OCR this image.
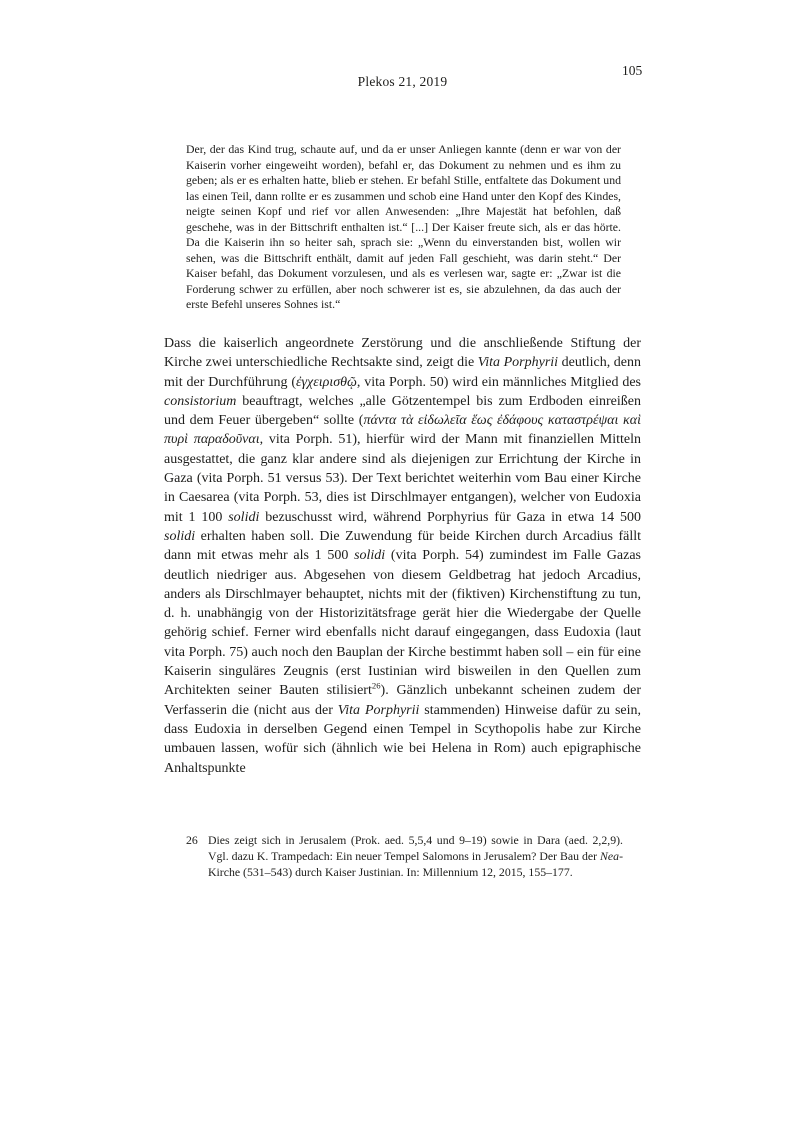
Plekos 21, 2019
105
Der, der das Kind trug, schaute auf, und da er unser Anliegen kannte (denn er war von der Kaiserin vorher eingeweiht worden), befahl er, das Dokument zu nehmen und es ihm zu geben; als er es erhalten hatte, blieb er stehen. Er befahl Stille, entfaltete das Dokument und las einen Teil, dann rollte er es zusammen und schob eine Hand unter den Kopf des Kindes, neigte seinen Kopf und rief vor allen Anwesenden: „Ihre Majestät hat befohlen, daß geschehe, was in der Bittschrift enthalten ist.“ [...] Der Kaiser freute sich, als er das hörte. Da die Kaiserin ihn so heiter sah, sprach sie: „Wenn du einverstanden bist, wollen wir sehen, was die Bittschrift enthält, damit auf jeden Fall geschieht, was darin steht.“ Der Kaiser befahl, das Dokument vorzulesen, und als es verlesen war, sagte er: „Zwar ist die Forderung schwer zu erfüllen, aber noch schwerer ist es, sie abzulehnen, da das auch der erste Befehl unseres Sohnes ist.“

Dass die kaiserlich angeordnete Zerstörung und die anschließende Stiftung der Kirche zwei unterschiedliche Rechtsakte sind, zeigt die Vita Porphyrii deutlich, denn mit der Durchführung (ἐγχειρισθῷ, vita Porph. 50) wird ein männliches Mitglied des consistorium beauftragt, welches „alle Götzentempel bis zum Erdboden einreißen und dem Feuer übergeben“ sollte (πάντα τὰ εἰδωλεῖα ἕως ἐδάφους καταστρέψαι καὶ πυρὶ παραδοῦναι, vita Porph. 51), hierfür wird der Mann mit finanziellen Mitteln ausgestattet, die ganz klar andere sind als diejenigen zur Errichtung der Kirche in Gaza (vita Porph. 51 versus 53). Der Text berichtet weiterhin vom Bau einer Kirche in Caesarea (vita Porph. 53, dies ist Dirschlmayer entgangen), welcher von Eudoxia mit 1 100 solidi bezuschusst wird, während Porphyrius für Gaza in etwa 14 500 solidi erhalten haben soll. Die Zuwendung für beide Kirchen durch Arcadius fällt dann mit etwas mehr als 1 500 solidi (vita Porph. 54) zumindest im Falle Gazas deutlich niedriger aus. Abgesehen von diesem Geldbetrag hat jedoch Arcadius, anders als Dirschlmayer behauptet, nichts mit der (fiktiven) Kirchenstiftung zu tun, d. h. unabhängig von der Historizitätsfrage gerät hier die Wiedergabe der Quelle gehörig schief. Ferner wird ebenfalls nicht darauf eingegangen, dass Eudoxia (laut vita Porph. 75) auch noch den Bauplan der Kirche bestimmt haben soll – ein für eine Kaiserin singuläres Zeugnis (erst Iustinian wird bisweilen in den Quellen zum Architekten seiner Bauten stilisiert$^{26}$). Gänzlich unbekannt scheinen zudem der Verfasserin die (nicht aus der Vita Porphyrii stammenden) Hinweise dafür zu sein, dass Eudoxia in derselben Gegend einen Tempel in Scythopolis habe zur Kirche umbauen lassen, wofür sich (ähnlich wie bei Helena in Rom) auch epigraphische Anhaltspunkte

26 Dies zeigt sich in Jerusalem (Prok. aed. 5,5,4 und 9–19) sowie in Dara (aed. 2,2,9). Vgl. dazu K. Trampedach: Ein neuer Tempel Salomons in Jerusalem? Der Bau der Nea-Kirche (531–543) durch Kaiser Justinian. In: Millennium 12, 2015, 155–177.
